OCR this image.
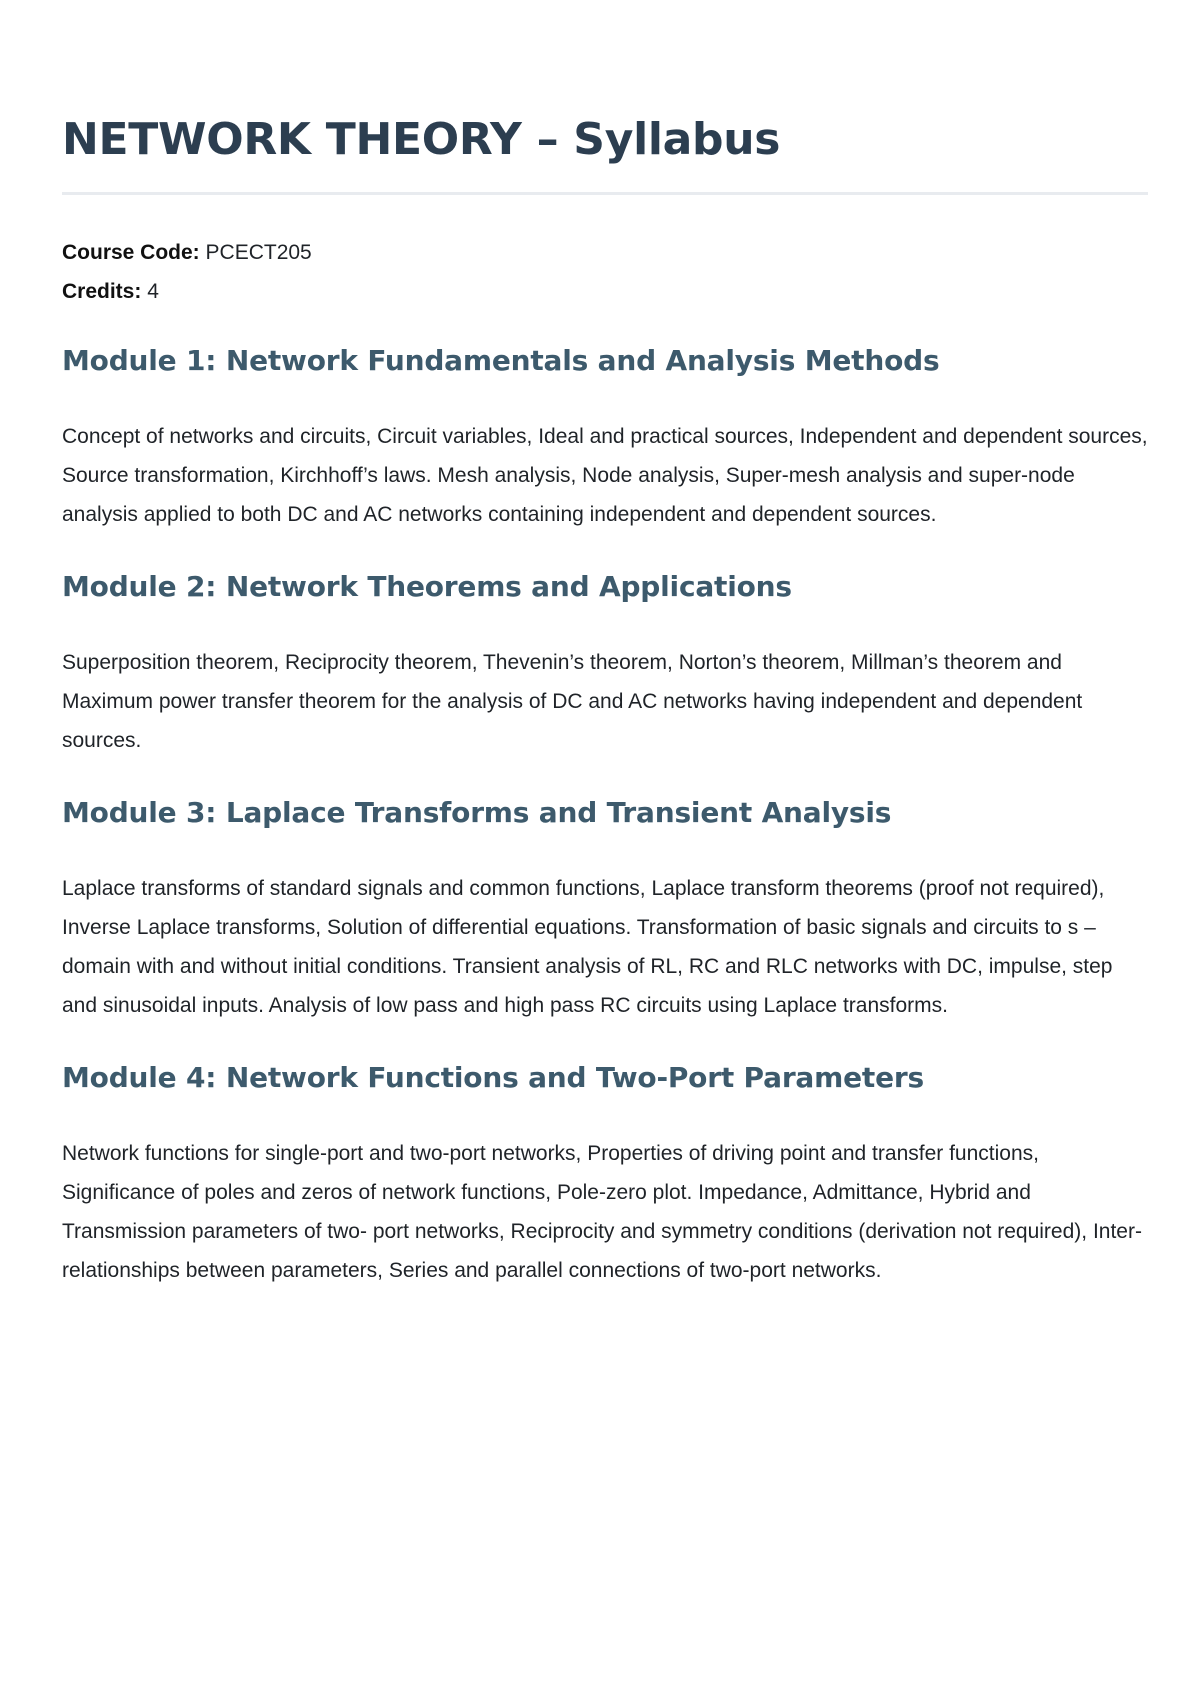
NETWORK THEORY – Syllabus
Course Code: PCECT205
Credits: 4
Module 1: Network Fundamentals and Analysis Methods

Concept of networks and circuits, Circuit variables, Ideal and practical sources, Independent and dependent sources, Source transformation, Kirchhoff’s laws. Mesh analysis, Node analysis, Super-mesh analysis and super-node analysis applied to both DC and AC networks containing independent and dependent sources.

Module 2: Network Theorems and Applications

Superposition theorem, Reciprocity theorem, Thevenin’s theorem, Norton’s theorem, Millman’s theorem and Maximum power transfer theorem for the analysis of DC and AC networks having independent and dependent sources.

Module 3: Laplace Transforms and Transient Analysis

Laplace transforms of standard signals and common functions, Laplace transform theorems (proof not required), Inverse Laplace transforms, Solution of differential equations. Transformation of basic signals and circuits to s – domain with and without initial conditions. Transient analysis of RL, RC and RLC networks with DC, impulse, step and sinusoidal inputs. Analysis of low pass and high pass RC circuits using Laplace transforms.

Module 4: Network Functions and Two-Port Parameters

Network functions for single-port and two-port networks, Properties of driving point and transfer functions, Significance of poles and zeros of network functions, Pole-zero plot. Impedance, Admittance, Hybrid and Transmission parameters of two- port networks, Reciprocity and symmetry conditions (derivation not required), Inter-relationships between parameters, Series and parallel connections of two-port networks.
